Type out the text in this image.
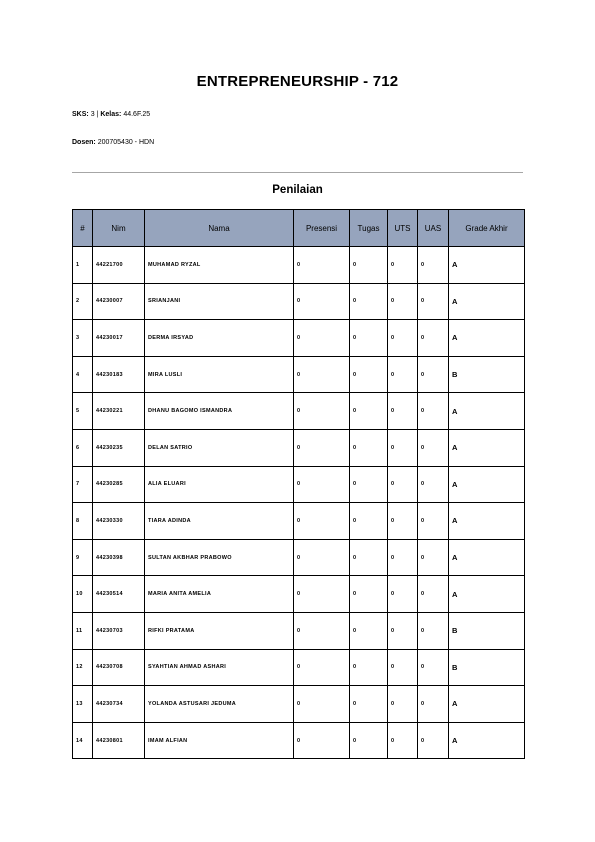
ENTREPRENEURSHIP - 712
SKS: 3 | Kelas: 44.6F.25
Dosen: 200705430 - HDN
Penilaian
#	Nim	Nama	Presensi	Tugas	UTS	UAS	Grade Akhir
1	44221700	MUHAMAD RYZAL	0	0	0	0	A
2	44230007	SRIANJANI	0	0	0	0	A
3	44230017	DERMA IRSYAD	0	0	0	0	A
4	44230183	MIRA LUSLI	0	0	0	0	B
5	44230221	DHANU BAGOMO ISMANDRA	0	0	0	0	A
6	44230235	DELAN SATRIO	0	0	0	0	A
7	44230285	ALIA ELUARI	0	0	0	0	A
8	44230330	TIARA ADINDA	0	0	0	0	A
9	44230398	SULTAN AKBHAR PRABOWO	0	0	0	0	A
10	44230514	MARIA ANITA AMELIA	0	0	0	0	A
11	44230703	RIFKI PRATAMA	0	0	0	0	B
12	44230708	SYAHTIAN AHMAD ASHARI	0	0	0	0	B
13	44230734	YOLANDA ASTUSARI JEDUMA	0	0	0	0	A
14	44230801	IMAM ALFIAN	0	0	0	0	A
